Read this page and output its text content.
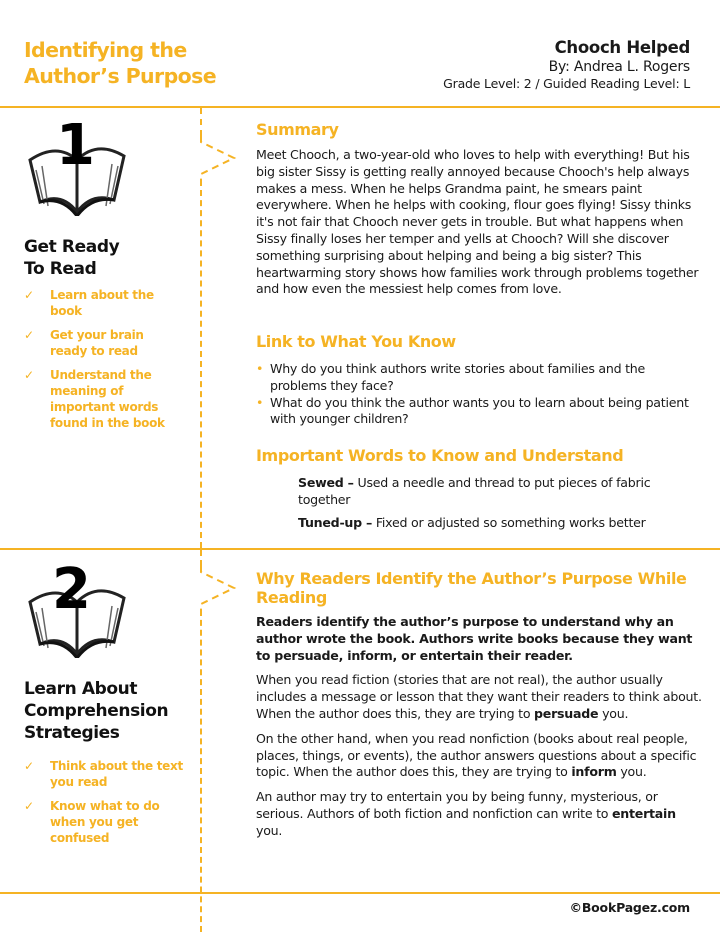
Identifying the
Author’s Purpose
Chooch Helped
By: Andrea L. Rogers
Grade Level: 2 / Guided Reading Level: L
1
Get Ready
To Read
✓ Learn about the book
✓ Get your brain ready to read
✓ Understand the meaning of important words found in the book
Summary
Meet Chooch, a two-year-old who loves to help with everything! But his big sister Sissy is getting really annoyed because Chooch's help always makes a mess. When he helps Grandma paint, he smears paint everywhere. When he helps with cooking, flour goes flying! Sissy thinks it's not fair that Chooch never gets in trouble. But what happens when Sissy finally loses her temper and yells at Chooch? Will she discover something surprising about helping and being a big sister? This heartwarming story shows how families work through problems together and how even the messiest help comes from love.
Link to What You Know
• Why do you think authors write stories about families and the problems they face?
• What do you think the author wants you to learn about being patient with younger children?
Important Words to Know and Understand
Sewed – Used a needle and thread to put pieces of fabric together
Tuned-up – Fixed or adjusted so something works better
2
Learn About
Comprehension
Strategies
✓ Think about the text you read
✓ Know what to do when you get confused
Why Readers Identify the Author’s Purpose While Reading
Readers identify the author’s purpose to understand why an author wrote the book. Authors write books because they want to persuade, inform, or entertain their reader.
When you read fiction (stories that are not real), the author usually includes a message or lesson that they want their readers to think about. When the author does this, they are trying to persuade you.
On the other hand, when you read nonfiction (books about real people, places, things, or events), the author answers questions about a specific topic. When the author does this, they are trying to inform you.
An author may try to entertain you by being funny, mysterious, or serious. Authors of both fiction and nonfiction can write to entertain you.
©BookPagez.com
